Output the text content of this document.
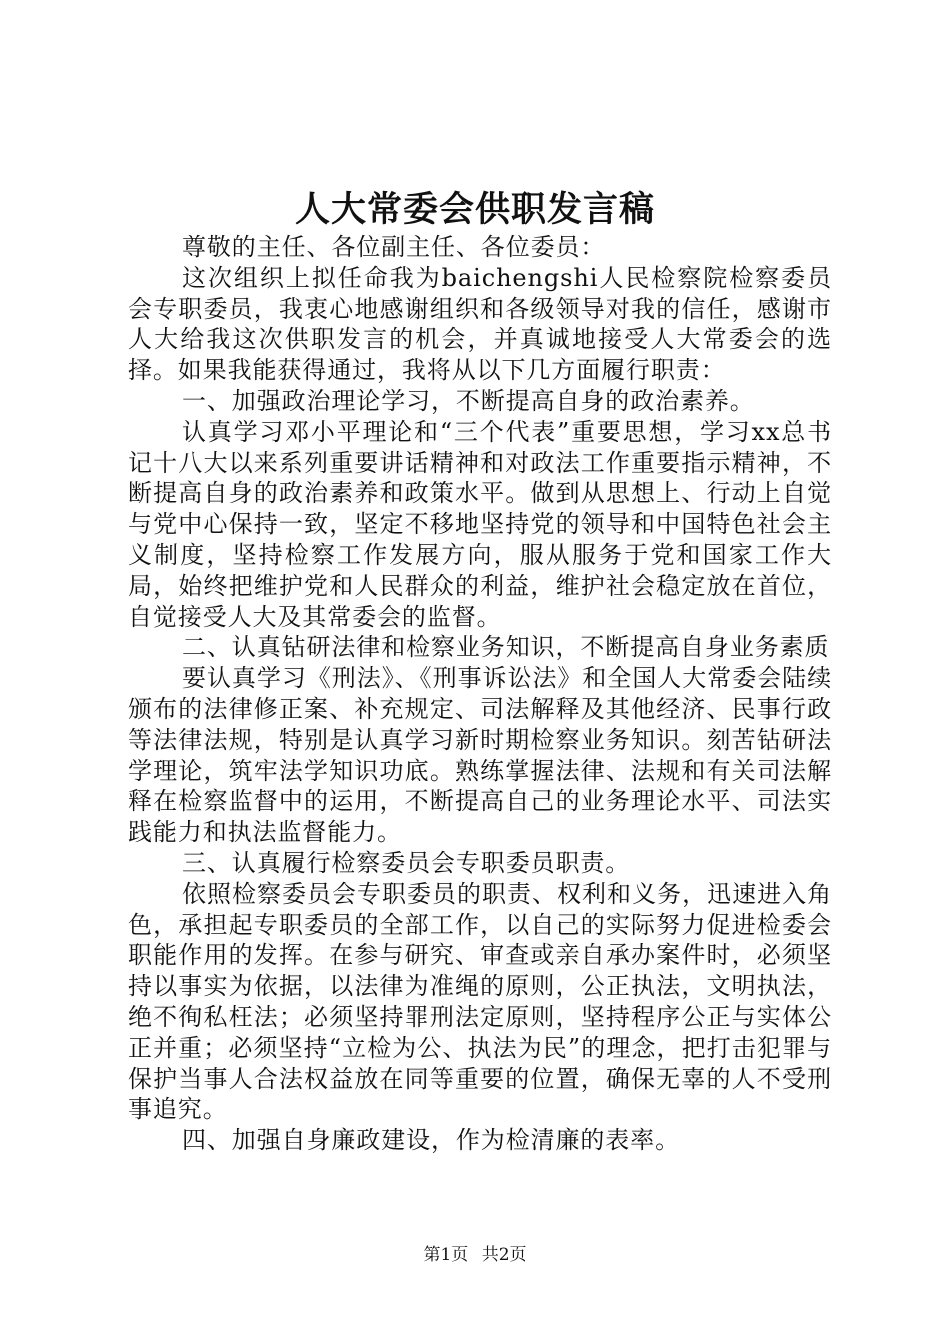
人大常委会供职发言稿

尊敬的主任、各位副主任、各位委员：

这次组织上拟任命我为baichengshi人民检察院检察委员会专职委员，我衷心地感谢组织和各级领导对我的信任，感谢市人大给我这次供职发言的机会，并真诚地接受人大常委会的选择。如果我能获得通过，我将从以下几方面履行职责：

一、加强政治理论学习，不断提高自身的政治素养。

认真学习邓小平理论和“三个代表”重要思想，学习xx总书记十八大以来系列重要讲话精神和对政法工作重要指示精神，不断提高自身的政治素养和政策水平。做到从思想上、行动上自觉与党中心保持一致，坚定不移地坚持党的领导和中国特色社会主义制度，坚持检察工作发展方向，服从服务于党和国家工作大局，始终把维护党和人民群众的利益，维护社会稳定放在首位，自觉接受人大及其常委会的监督。

二、认真钻研法律和检察业务知识，不断提高自身业务素质

要认真学习《刑法》、《刑事诉讼法》和全国人大常委会陆续颁布的法律修正案、补充规定、司法解释及其他经济、民事行政等法律法规，特别是认真学习新时期检察业务知识。刻苦钻研法学理论，筑牢法学知识功底。熟练掌握法律、法规和有关司法解释在检察监督中的运用，不断提高自己的业务理论水平、司法实践能力和执法监督能力。

三、认真履行检察委员会专职委员职责。

依照检察委员会专职委员的职责、权利和义务，迅速进入角色，承担起专职委员的全部工作，以自己的实际努力促进检委会职能作用的发挥。在参与研究、审查或亲自承办案件时，必须坚持以事实为依据，以法律为准绳的原则，公正执法，文明执法，绝不徇私枉法；必须坚持罪刑法定原则，坚持程序公正与实体公正并重；必须坚持“立检为公、执法为民”的理念，把打击犯罪与保护当事人合法权益放在同等重要的位置，确保无辜的人不受刑事追究。

四、加强自身廉政建设，作为检清廉的表率。

第1页 共2页
